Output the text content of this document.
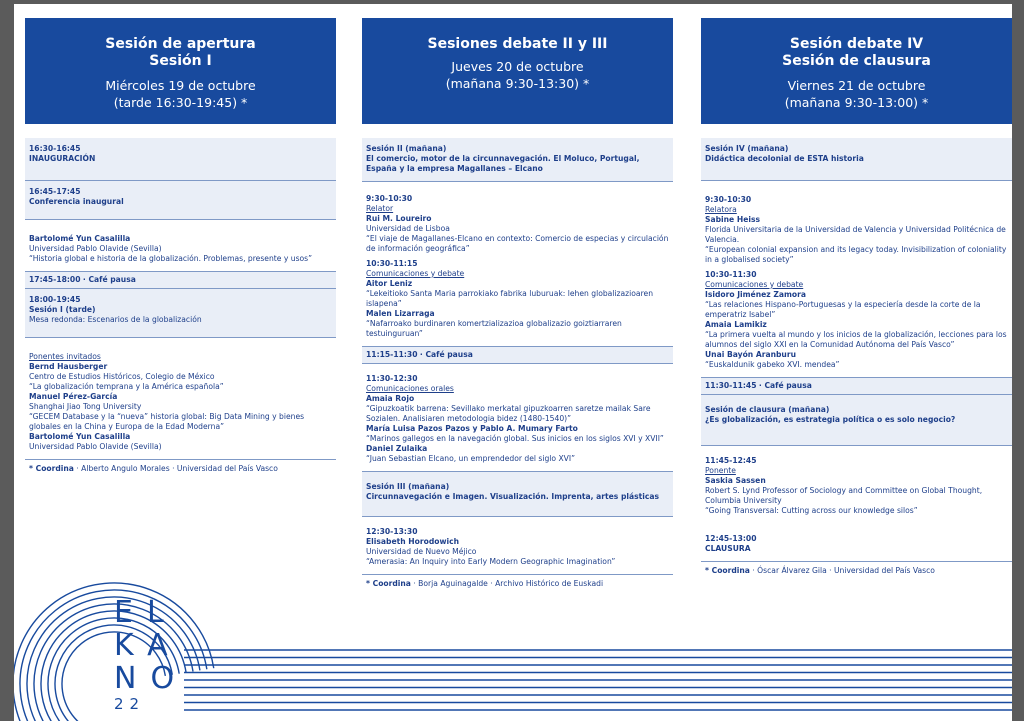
Sesión de apertura
Sesión I
Miércoles 19 de octubre
(tarde 16:30-19:45) *
16:30-16:45
INAUGURACIÓN
16:45-17:45
Conferencia inaugural
Bartolomé Yun Casalilla
Universidad Pablo Olavide (Sevilla)
“Historia global e historia de la globalización. Problemas, presente y usos”
17:45-18:00 · Café pausa
18:00-19:45
Sesión I (tarde)
Mesa redonda: Escenarios de la globalización
Ponentes invitados
Bernd Hausberger
Centro de Estudios Históricos, Colegio de México
“La globalización temprana y la América española”
Manuel Pérez-García
Shanghai Jiao Tong University
“GECEM Database y la “nueva” historia global: Big Data Mining y bienes globales en la China y Europa de la Edad Moderna”
Bartolomé Yun Casalilla
Universidad Pablo Olavide (Sevilla)
* Coordina · Alberto Angulo Morales · Universidad del País Vasco
Sesiones debate II y III
Jueves 20 de octubre
(mañana 9:30-13:30) *
Sesión II (mañana)
El comercio, motor de la circunnavegación. El Moluco, Portugal, España y la empresa Magallanes – Elcano
9:30-10:30
Relator
Rui M. Loureiro
Universidad de Lisboa
“El viaje de Magallanes-Elcano en contexto: Comercio de especias y circulación de información geográfica”
10:30-11:15
Comunicaciones y debate
Aitor Leniz
“Lekeitioko Santa Maria parrokiako fabrika luburuak: lehen globalizazioaren islapena”
Malen Lizarraga
“Nafarroako burdinaren komertzializazioa globalizazio goiztiarraren testuinguruan”
11:15-11:30 · Café pausa
11:30-12:30
Comunicaciones orales
Amaia Rojo
“Gipuzkoatik barrena: Sevillako merkatal gipuzkoarren saretze mailak Sare Sozialen. Analisiaren metodologia bidez (1480-1540)”
María Luisa Pazos Pazos y Pablo A. Mumary Farto
“Marinos gallegos en la navegación global. Sus inicios en los siglos XVI y XVII”
Daniel Zulaika
“Juan Sebastian Elcano, un emprendedor del siglo XVI”
Sesión III (mañana)
Circunnavegación e Imagen. Visualización. Imprenta, artes plásticas
12:30-13:30
Elisabeth Horodowich
Universidad de Nuevo Méjico
“Amerasia: An Inquiry into Early Modern Geographic Imagination”
* Coordina · Borja Aguinagalde · Archivo Histórico de Euskadi
Sesión debate IV
Sesión de clausura
Viernes 21 de octubre
(mañana 9:30-13:00) *
Sesión IV (mañana)
Didáctica decolonial de ESTA historia
9:30-10:30
Relatora
Sabine Heiss
Florida Universitaria de la Universidad de Valencia y Universidad Politécnica de Valencia.
“European colonial expansion and its legacy today. Invisibilization of coloniality in a globalised society”
10:30-11:30
Comunicaciones y debate
Isidoro Jiménez Zamora
“Las relaciones Hispano-Portuguesas y la especiería desde la corte de la emperatriz Isabel”
Amaia Lamikiz
“La primera vuelta al mundo y los inicios de la globalización, lecciones para los alumnos del siglo XXI en la Comunidad Autónoma del País Vasco”
Unai Bayón Aranburu
“Euskaldunik gabeko XVI. mendea”
11:30-11:45 · Café pausa
Sesión de clausura (mañana)
¿Es globalización, es estrategia política o es solo negocio?
11:45-12:45
Ponente
Saskia Sassen
Robert S. Lynd Professor of Sociology and Committee on Global Thought, Columbia University
“Going Transversal: Cutting across our knowledge silos”
12:45-13:00
CLAUSURA
* Coordina · Óscar Álvarez Gila · Universidad del País Vasco
EL
KA
NO
22
